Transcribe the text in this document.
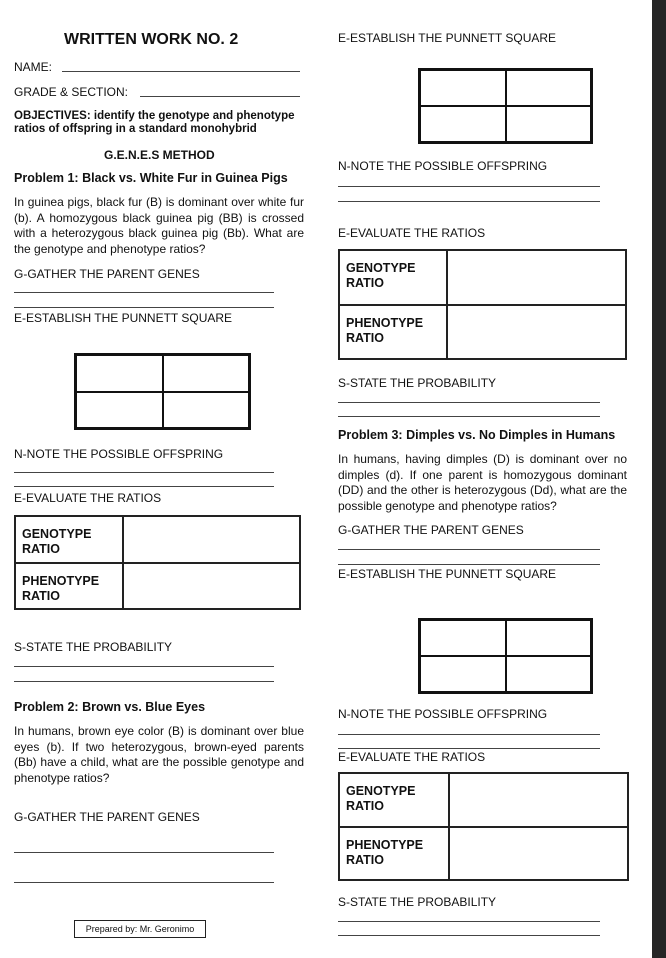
WRITTEN WORK NO. 2
NAME:
GRADE & SECTION:
OBJECTIVES: identify the genotype and phenotype ratios of offspring in a standard monohybrid
G.E.N.E.S METHOD
Problem 1: Black vs. White Fur in Guinea Pigs
In guinea pigs, black fur (B) is dominant over white fur (b). A homozygous black guinea pig (BB) is crossed with a heterozygous black guinea pig (Bb). What are the genotype and phenotype ratios?
G-GATHER THE PARENT GENES
E-ESTABLISH THE PUNNETT SQUARE
N-NOTE THE POSSIBLE OFFSPRING
E-EVALUATE THE RATIOS
GENOTYPE
RATIO
PHENOTYPE
RATIO
S-STATE THE PROBABILITY
Problem 2: Brown vs. Blue Eyes
In humans, brown eye color (B) is dominant over blue eyes (b). If two heterozygous, brown-eyed parents (Bb) have a child, what are the possible genotype and phenotype ratios?
G-GATHER THE PARENT GENES
Prepared by: Mr. Geronimo
E-ESTABLISH THE PUNNETT SQUARE
N-NOTE THE POSSIBLE OFFSPRING
E-EVALUATE THE RATIOS
GENOTYPE
RATIO
PHENOTYPE
RATIO
S-STATE THE PROBABILITY
Problem 3: Dimples vs. No Dimples in Humans
In humans, having dimples (D) is dominant over no dimples (d). If one parent is homozygous dominant (DD) and the other is heterozygous (Dd), what are the possible genotype and phenotype ratios?
G-GATHER THE PARENT GENES
E-ESTABLISH THE PUNNETT SQUARE
N-NOTE THE POSSIBLE OFFSPRING
E-EVALUATE THE RATIOS
GENOTYPE
RATIO
PHENOTYPE
RATIO
S-STATE THE PROBABILITY
